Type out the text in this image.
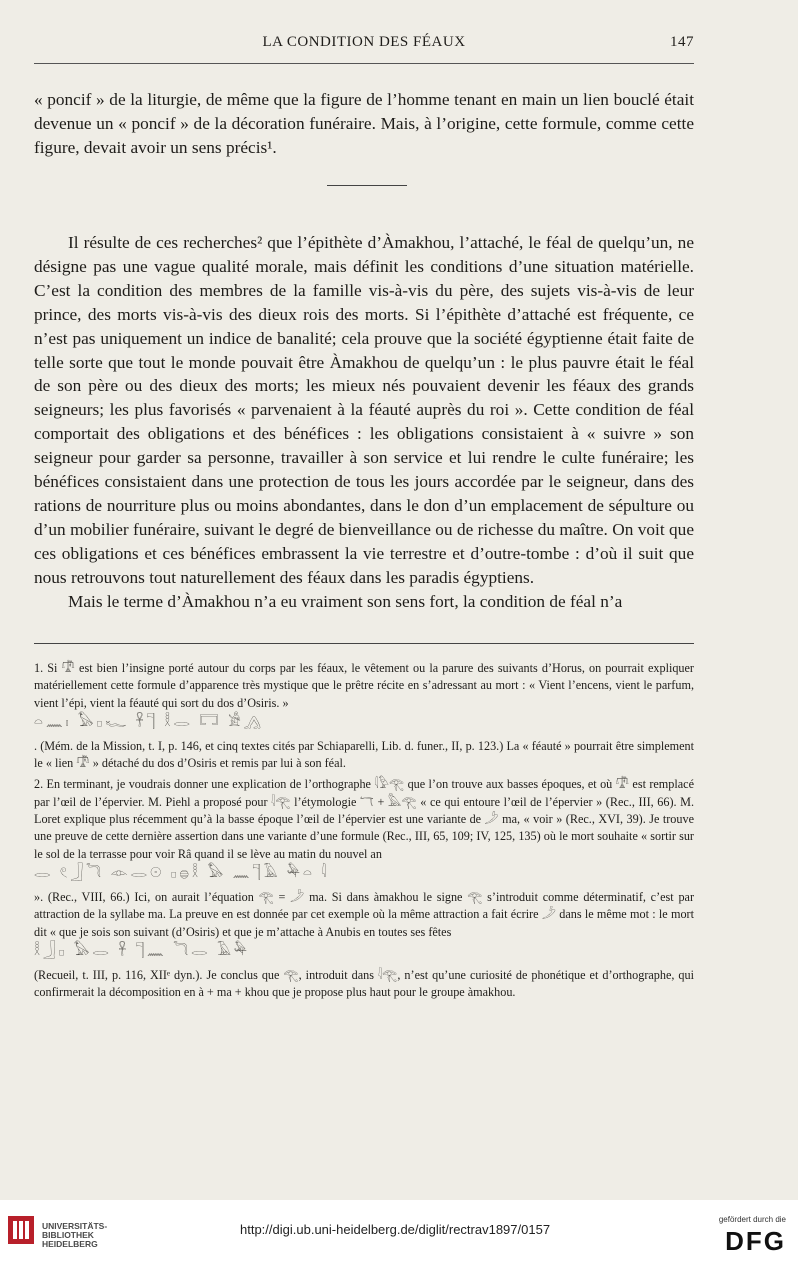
LA CONDITION DES FÉAUX	147

« poncif » de la liturgie, de même que la figure de l’homme tenant en main un lien bouclé était devenue un « poncif » de la décoration funéraire. Mais, à l’origine, cette formule, comme cette figure, devait avoir un sens précis¹.

Il résulte de ces recherches² que l’épithète d’Àmakhou, l’attaché, le féal de quelqu’un, ne désigne pas une vague qualité morale, mais définit les conditions d’une situation matérielle. C’est la condition des membres de la famille vis-à-vis du père, des sujets vis-à-vis de leur prince, des morts vis-à-vis des dieux rois des morts. Si l’épithète d’attaché est fréquente, ce n’est pas uniquement un indice de banalité; cela prouve que la société égyptienne était faite de telle sorte que tout le monde pouvait être Àmakhou de quelqu’un : le plus pauvre était le féal de son père ou des dieux des morts; les mieux nés pouvaient devenir les féaux des grands seigneurs; les plus favorisés « parvenaient à la féauté auprès du roi ». Cette condition de féal comportait des obligations et des bénéfices : les obligations consistaient à « suivre » son seigneur pour garder sa personne, travailler à son service et lui rendre le culte funéraire; les bénéfices consistaient dans une protection de tous les jours accordée par le seigneur, dans des rations de nourriture plus ou moins abondantes, dans le don d’un emplacement de sépulture ou d’un mobilier funéraire, suivant le degré de bienveillance ou de richesse du maître. On voit que ces obligations et ces bénéfices embrassent la vie terrestre et d’outre-tombe : d’où il suit que nous retrouvons tout naturellement des féaux dans les paradis égyptiens.

Mais le terme d’Àmakhou n’a eu vraiment son sens fort, la condition de féal n’a

1. Si 𓍝 est bien l’insigne porté autour du corps par les féaux, le vêtement ou la parure des suivants d’Horus, on pourrait expliquer matériellement cette formule d’apparence très mystique que le prêtre récite en s’adressant au mort : « Vient l’encens, vient le parfum, vient l’épi, vient la féauté qui sort du dos d’Osiris. »
𓏏𓈖𓏤 𓅃𓊪𓆑 𓋹𓊹 𓎛𓂋 𓉐 𓀀𓂻
. (Mém. de la Mission, t. I, p. 146, et cinq textes cités par Schiaparelli, Lib. d. funer., II, p. 123.) La « féauté » pourrait être simplement le « lien 𓍝 » détaché du dos d’Osiris et remis par lui à son féal.

2. En terminant, je voudrais donner une explication de l’orthographe 𓇋𓅱𓂀 que l’on trouve aux basses époques, et où 𓍝 est remplacé par l’œil de l’épervier. M. Piehl a proposé pour 𓇋𓂀 l’étymologie 𓄓 + 𓅓𓂀 « ce qui entoure l’œil de l’épervier » (Rec., III, 66). M. Loret explique plus récemment qu’à la basse époque l’œil de l’épervier est une variante de 𓌳 ma, « voir » (Rec., XVI, 39). Je trouve une preuve de cette dernière assertion dans une variante d’une formule (Rec., III, 65, 109; IV, 125, 135) où le mort souhaite « sortir sur le sol de la terrasse pour voir Râ quand il se lève au matin du nouvel an
𓂋 𓏲𓃀𓆓 𓁹𓂋𓇳 𓊪𓐍𓎛 𓅃 𓈖𓊹𓄿 𓅆𓏏 𓇋
». (Rec., VIII, 66.) Ici, on aurait l’équation 𓂀 = 𓌳 ma. Si dans àmakhou le signe 𓂀 s’introduit comme déterminatif, c’est par attraction de la syllabe ma. La preuve en est donnée par cet exemple où la même attraction a fait écrire 𓌳 dans le même mot : le mort dit « que je sois son suivant (d’Osiris) et que je m’attache à Anubis en toutes ses fêtes
𓎛𓃀𓊪 𓅃𓂋 𓋹 𓊹𓈖 𓆓𓂋 𓄿𓅆
(Recueil, t. III, p. 116, XIIᵉ dyn.). Je conclus que 𓂀, introduit dans 𓇋𓂀, n’est qu’une curiosité de phonétique et d’orthographe, qui confirmerait la décomposition en à + ma + khou que je propose plus haut pour le groupe àmakhou.

UNIVERSITÄTS-
BIBLIOTHEK
HEIDELBERG
http://digi.ub.uni-heidelberg.de/diglit/rectrav1897/0157
gefördert durch die
DFG
